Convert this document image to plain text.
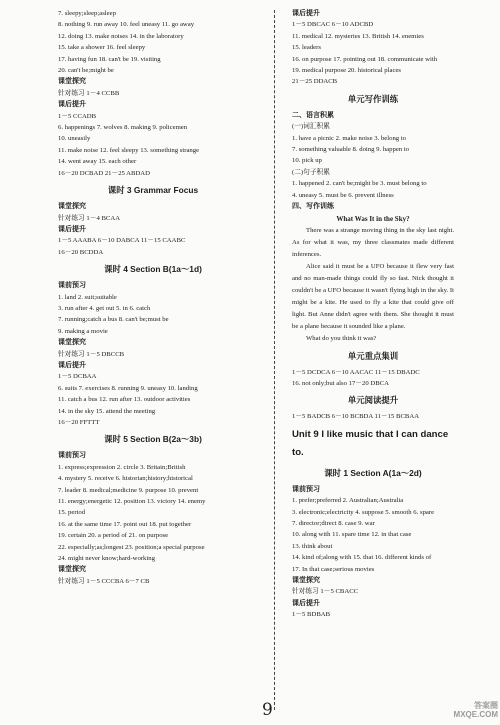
7. sleepy;sleep;asleep
8. nothing 9. run away 10. feel uneasy 11. go away
12. doing 13. make noises 14. in the laboratory
15. take a shower 16. feel sleepy
17. having fun 18. can't be 19. visiting
20. can't be;might be
课堂探究
针对练习 1－4 CCBB
课后提升
1－5 CCADB
6. happenings 7. wolves 8. making 9. policemen
10. uneasily
11. make noise 12. feel sleepy 13. something strange
14. went away 15. each other
16－20 DCBAD 21－25 ABDAD
课时 3 Grammar Focus
课堂探究
针对练习 1－4 BCAA
课后提升
1－5 AAABA 6－10 DABCA 11－15 CAABC
16－20 BCDDA
课时 4 Section B(1a～1d)
课前预习
1. land 2. suit;suitable
3. run after 4. get out 5. in 6. catch
7. running;catch a bus 8. can't be;must be
9. making a movie
课堂探究
针对练习 1－5 DBCCB
课后提升
1－5 DCBAA
6. suits 7. exercises 8. running 9. uneasy 10. landing
11. catch a bus 12. run after 13. outdoor activities
14. in the sky 15. attend the meeting
16－20 FFTTT
课时 5 Section B(2a～3b)
课前预习
1. express;expression 2. circle 3. Britain;British
4. mystery 5. receive 6. historian;history;historical
7. leader 8. medical;medicine 9. purpose 10. prevent
11. energy;energetic 12. position 13. victory 14. enemy
15. period
16. at the same time 17. point out 18. put together
19. certain 20. a period of 21. on purpose
22. especially;as;longest 23. position;a special purpose
24. might never know;hard-working
课堂探究
针对练习 1－5 CCCBA 6－7 CB
课后提升
1－5 DBCAC 6－10 ADCBD
11. medical 12. mysteries 13. British 14. enemies
15. leaders
16. on purpose 17. pointing out 18. communicate with
19. medical purpose 20. historical places
21－25 DDACB
单元写作训练
二、语言积累
(一)词汇积累
1. have a picnic 2. make noise 3. belong to
7. something valuable 8. doing 9. happen to
10. pick up
(二)句子积累
1. happened 2. can't be;might be 3. must belong to
4. uneasy 5. must be 6. prevent illness
四、写作训练
What Was It in the Sky?
There was a strange moving thing in the sky last night. As for what it was, my three classmates made different inferences.
Alice said it must be a UFO because it flew very fast and no man-made things could fly so fast. Nick thought it couldn't be a UFO because it wasn't flying high in the sky. It might be a kite. He used to fly a kite that could give off light. But Anne didn't agree with them. She thought it must be a plane because it sounded like a plane.
What do you think it was?
单元重点集训
1－5 DCDCA 6－10 AACAC 11－15 DBADC
16. not only;but also 17－20 DBCA
单元阅读提升
1－5 BADCB 6－10 BCBDA 11－15 BCBAA
Unit 9 I like music that I can dance to.
课时 1 Section A(1a～2d)
课前预习
1. prefer;preferred 2. Australian;Australia
3. electronic;electricity 4. suppose 5. smooth 6. spare
7. director;direct 8. case 9. war
10. along with 11. spare time 12. in that case
13. think about
14. kind of;along with 15. that 16. different kinds of
17. In that case;serious movies
课堂探究
针对练习 1－5 CBACC
课后提升
1－5 BDBAB
9	答案圈 MXQE.COM
